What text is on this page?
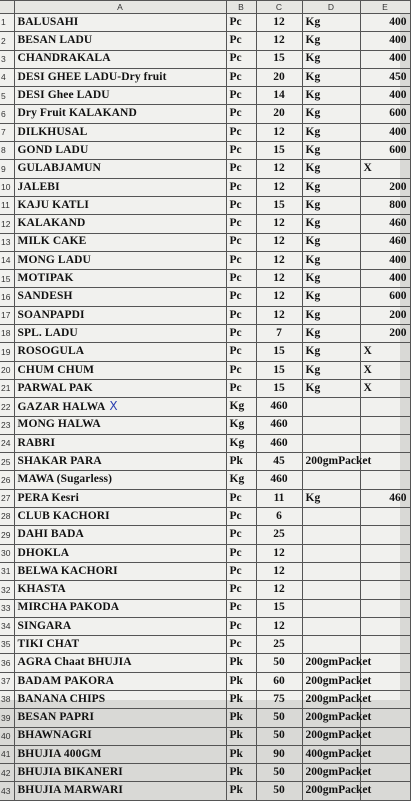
	A	B	C	D	E
1	BALUSAHI	Pc	12	Kg	400
2	BESAN LADU	Pc	12	Kg	400
3	CHANDRAKALA	Pc	15	Kg	400
4	DESI GHEE LADU-Dry fruit	Pc	20	Kg	450
5	DESI Ghee LADU	Pc	14	Kg	400
6	Dry Fruit KALAKAND	Pc	20	Kg	600
7	DILKHUSAL	Pc	12	Kg	400
8	GOND LADU	Pc	15	Kg	600
9	GULABJAMUN	Pc	12	Kg	X
10	JALEBI	Pc	12	Kg	200
11	KAJU KATLI	Pc	15	Kg	800
12	KALAKAND	Pc	12	Kg	460
13	MILK CAKE	Pc	12	Kg	460
14	MONG LADU	Pc	12	Kg	400
15	MOTIPAK	Pc	12	Kg	400
16	SANDESH	Pc	12	Kg	600
17	SOANPAPDI	Pc	12	Kg	200
18	SPL. LADU	Pc	7	Kg	200
19	ROSOGULA	Pc	15	Kg	X
20	CHUM CHUM	Pc	15	Kg	X
21	PARWAL PAK	Pc	15	Kg	X
22	GAZAR HALWA X	Kg	460		
23	MONG HALWA	Kg	460		
24	RABRI	Kg	460		
25	SHAKAR PARA	Pk	45	200gmPacket	
26	MAWA (Sugarless)	Kg	460		
27	PERA Kesri	Pc	11	Kg	460
28	CLUB KACHORI	Pc	6		
29	DAHI BADA	Pc	25		
30	DHOKLA	Pc	12		
31	BELWA KACHORI	Pc	12		
32	KHASTA	Pc	12		
33	MIRCHA PAKODA	Pc	15		
34	SINGARA	Pc	12		
35	TIKI CHAT	Pc	25		
36	AGRA Chaat BHUJIA	Pk	50	200gmPacket	
37	BADAM PAKORA	Pk	60	200gmPacket	
38	BANANA CHIPS	Pk	75	200gmPacket	
39	BESAN PAPRI	Pk	50	200gmPacket	
40	BHAWNAGRI	Pk	50	200gmPacket	
41	BHUJIA 400GM	Pk	90	400gmPacket	
42	BHUJIA BIKANERI	Pk	50	200gmPacket	
43	BHUJIA MARWARI	Pk	50	200gmPacket	
